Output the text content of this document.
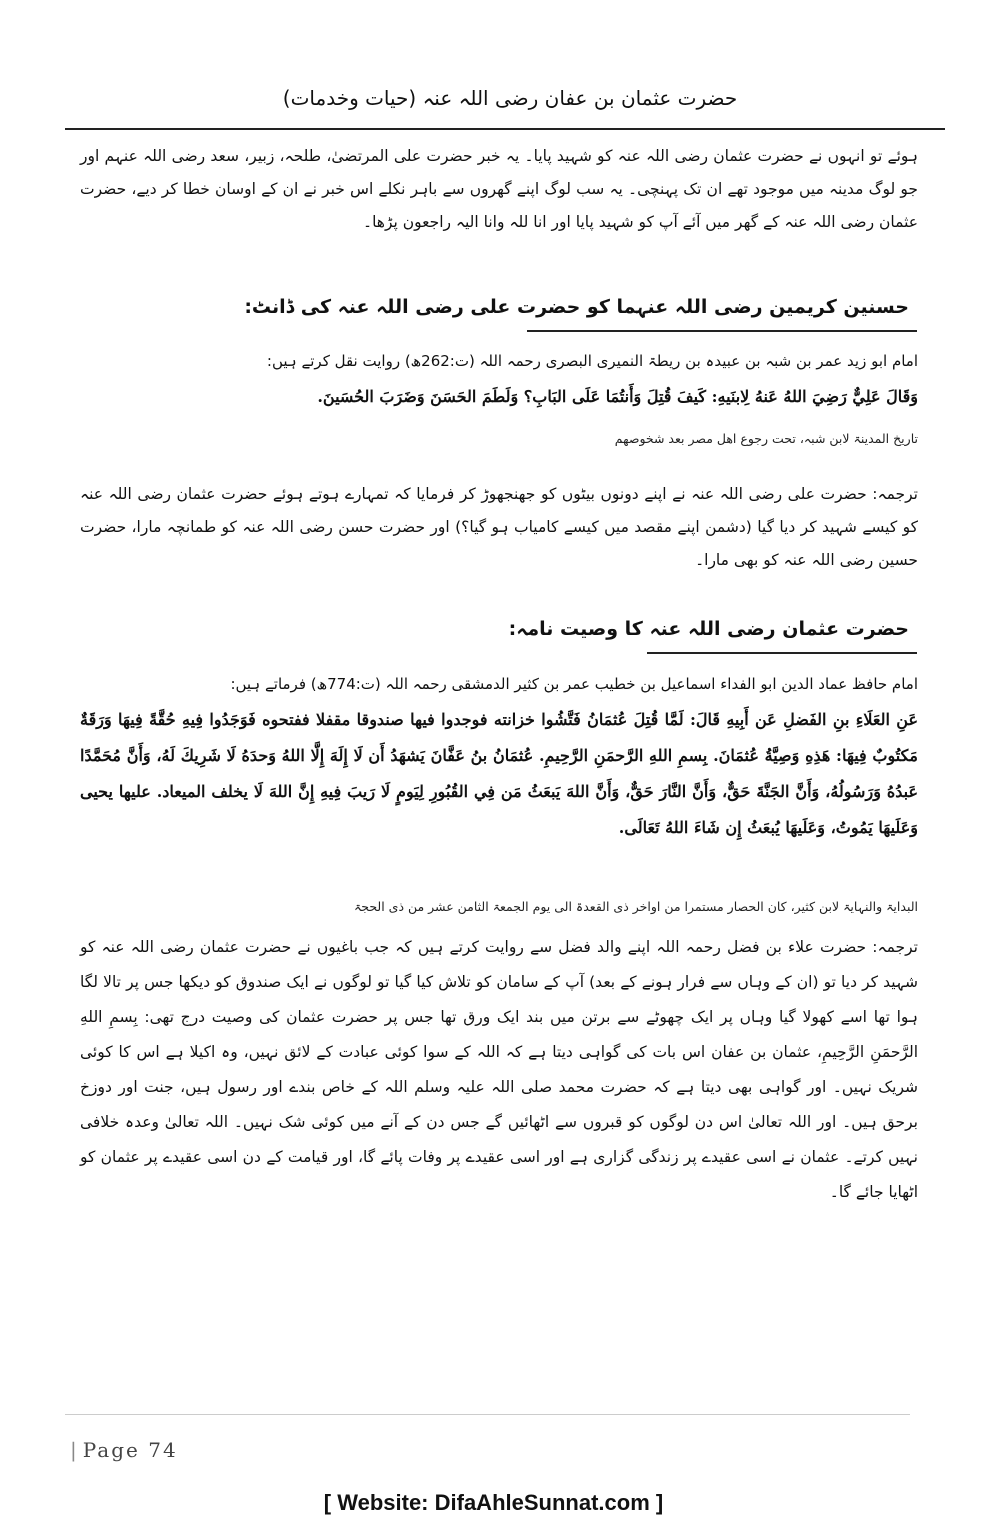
حضرت عثمان بن عفان رضی اللہ عنہ (حیات وخدمات)

ہوئے تو انہوں نے حضرت عثمان رضی اللہ عنہ کو شہید پایا۔ یہ خبر حضرت علی المرتضیٰ، طلحہ، زبیر، سعد رضی اللہ عنہم اور جو لوگ مدینہ میں موجود تھے ان تک پہنچی۔ یہ سب لوگ اپنے گھروں سے باہر نکلے اس خبر نے ان کے اوسان خطا کر دیے، حضرت عثمان رضی اللہ عنہ کے گھر میں آئے آپ کو شہید پایا اور انا للہ وانا الیہ راجعون پڑھا۔

حسنین کریمین رضی اللہ عنہما کو حضرت علی رضی اللہ عنہ کی ڈانٹ:

امام ابو زید عمر بن شبہ بن عبیدہ بن ریطۃ النمیری البصری رحمہ اللہ (ت:262ھ) روایت نقل کرتے ہیں:

وَقَالَ عَلِيٌّ رَضِيَ اللهُ عَنهُ لِابنَيهِ: كَيفَ قُتِلَ وَأَنتُمَا عَلَى البَابِ؟ وَلَطَمَ الحَسَنَ وَضَرَبَ الحُسَينَ.

تاریخ المدینۃ لابن شبہ، تحت رجوع اھل مصر بعد شخوصھم

ترجمہ: حضرت علی رضی اللہ عنہ نے اپنے دونوں بیٹوں کو جھنجھوڑ کر فرمایا کہ تمہارے ہوتے ہوئے حضرت عثمان رضی اللہ عنہ کو کیسے شہید کر دیا گیا (دشمن اپنے مقصد میں کیسے کامیاب ہو گیا؟) اور حضرت حسن رضی اللہ عنہ کو طمانچہ مارا، حضرت حسین رضی اللہ عنہ کو بھی مارا۔

حضرت عثمان رضی اللہ عنہ کا وصیت نامہ:

امام حافظ عماد الدین ابو الفداء اسماعیل بن خطیب عمر بن کثیر الدمشقی رحمہ اللہ (ت:774ھ) فرماتے ہیں:

عَنِ العَلَاءِ بنِ الفَضلِ عَن أَبِيهِ قَالَ: لَمَّا قُتِلَ عُثمَانُ فَتَّشُوا خزانته فوجدوا فيها صندوقا مقفلا ففتحوه فَوَجَدُوا فِيهِ حُقَّةً فِيهَا وَرَقَةٌ مَكتُوبٌ فِيهَا: هَذِهِ وَصِيَّةُ عُثمَانَ. بِسمِ اللهِ الرَّحمَنِ الرَّحِيمِ. عُثمَانُ بنُ عَفَّانَ يَشهَدُ أَن لَا إِلَهَ إِلَّا اللهُ وَحدَهُ لَا شَرِيكَ لَهُ، وَأَنَّ مُحَمَّدًا عَبدُهُ وَرَسُولُهُ، وَأَنَّ الجَنَّةَ حَقٌّ، وَأَنَّ النَّارَ حَقٌّ، وَأَنَّ اللهَ يَبعَثُ مَن فِي القُبُورِ لِيَومٍ لَا رَيبَ فِيهِ إِنَّ اللهَ لَا يخلف الميعاد. عليها يحيى وَعَلَيهَا يَمُوتُ، وَعَلَيهَا يُبعَثُ إِن شَاءَ اللهُ تَعَالَى.

البدایۃ والنہایۃ لابن کثیر، کان الحصار مستمرا من اواخر ذی القعدۃ الی یوم الجمعۃ الثامن عشر من ذی الحجۃ

ترجمہ: حضرت علاء بن فضل رحمہ اللہ اپنے والد فضل سے روایت کرتے ہیں کہ جب باغیوں نے حضرت عثمان رضی اللہ عنہ کو شہید کر دیا تو (ان کے وہاں سے فرار ہونے کے بعد) آپ کے سامان کو تلاش کیا گیا تو لوگوں نے ایک صندوق کو دیکھا جس پر تالا لگا ہوا تھا اسے کھولا گیا وہاں پر ایک چھوٹے سے برتن میں بند ایک ورق تھا جس پر حضرت عثمان کی وصیت درج تھی: بِسمِ اللهِ الرَّحمَنِ الرَّحِيمِ، عثمان بن عفان اس بات کی گواہی دیتا ہے کہ اللہ کے سوا کوئی عبادت کے لائق نہیں، وہ اکیلا ہے اس کا کوئی شریک نہیں۔ اور گواہی بھی دیتا ہے کہ حضرت محمد صلی اللہ علیہ وسلم اللہ کے خاص بندے اور رسول ہیں، جنت اور دوزخ برحق ہیں۔ اور اللہ تعالیٰ اس دن لوگوں کو قبروں سے اٹھائیں گے جس دن کے آنے میں کوئی شک نہیں۔ اللہ تعالیٰ وعدہ خلافی نہیں کرتے۔ عثمان نے اسی عقیدے پر زندگی گزاری ہے اور اسی عقیدے پر وفات پائے گا، اور قیامت کے دن اسی عقیدے پر عثمان کو اٹھایا جائے گا۔

| Page 74
[ Website: DifaAhleSunnat.com ]
